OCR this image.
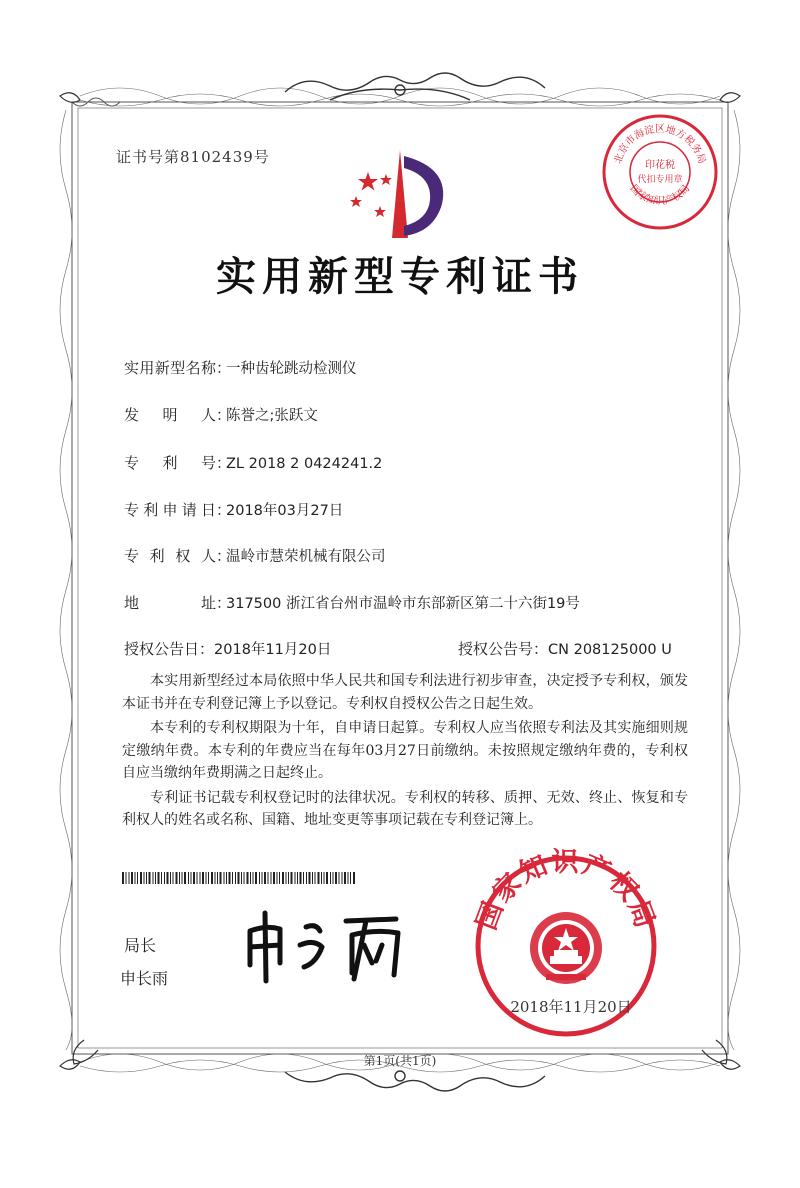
证书号第8102439号	北京市海淀区地方税务局
印花税
代扣专用章
国家知识产权局
实用新型专利证书
实用新型名称：一种齿轮跳动检测仪
发明人：陈誉之;张跃文
专利号：ZL 2018 2 0424241.2
专利申请日：2018年03月27日
专利权人：温岭市慧荣机械有限公司
地址：317500 浙江省台州市温岭市东部新区第二十六街19号
授权公告日：2018年11月20日	授权公告号：CN 208125000 U

本实用新型经过本局依照中华人民共和国专利法进行初步审查，决定授予专利权，颁发本证书并在专利登记簿上予以登记。专利权自授权公告之日起生效。

本专利的专利权期限为十年，自申请日起算。专利权人应当依照专利法及其实施细则规定缴纳年费。本专利的年费应当在每年03月27日前缴纳。未按照规定缴纳年费的，专利权自应当缴纳年费期满之日起终止。

专利证书记载专利权登记时的法律状况。专利权的转移、质押、无效、终止、恢复和专利权人的姓名或名称、国籍、地址变更等事项记载在专利登记簿上。

局长
申长雨
国家知识产权局
2018年11月20日
第1页(共1页)
